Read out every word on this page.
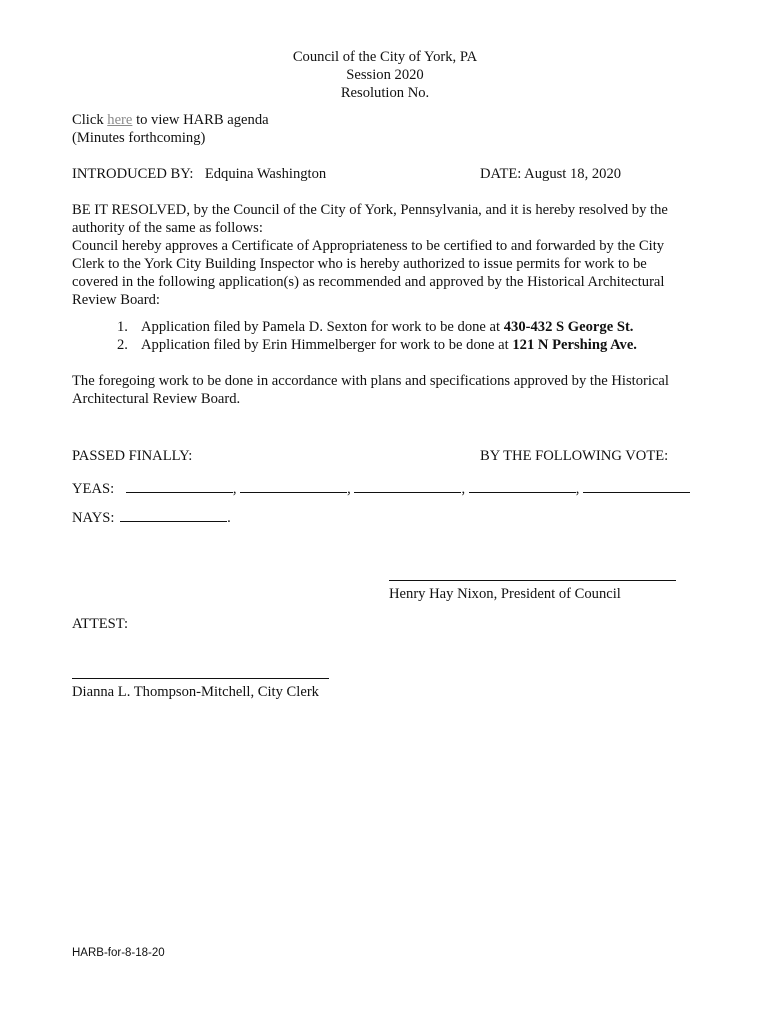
Council of the City of York, PA
Session 2020
Resolution No.
Click here to view HARB agenda
(Minutes forthcoming)
INTRODUCED BY: Edquina Washington	DATE: August 18, 2020
BE IT RESOLVED, by the Council of the City of York, Pennsylvania, and it is hereby resolved by the
authority of the same as follows:
Council hereby approves a Certificate of Appropriateness to be certified to and forwarded by the City
Clerk to the York City Building Inspector who is hereby authorized to issue permits for work to be
covered in the following application(s) as recommended and approved by the Historical Architectural
Review Board:
1. Application filed by Pamela D. Sexton for work to be done at 430-432 S George St.
2. Application filed by Erin Himmelberger for work to be done at 121 N Pershing Ave.
The foregoing work to be done in accordance with plans and specifications approved by the Historical
Architectural Review Board.
PASSED FINALLY:	BY THE FOLLOWING VOTE:
YEAS:	,	,	,	,
NAYS:	.
Henry Hay Nixon, President of Council
ATTEST:
Dianna L. Thompson-Mitchell, City Clerk
HARB-for-8-18-20
